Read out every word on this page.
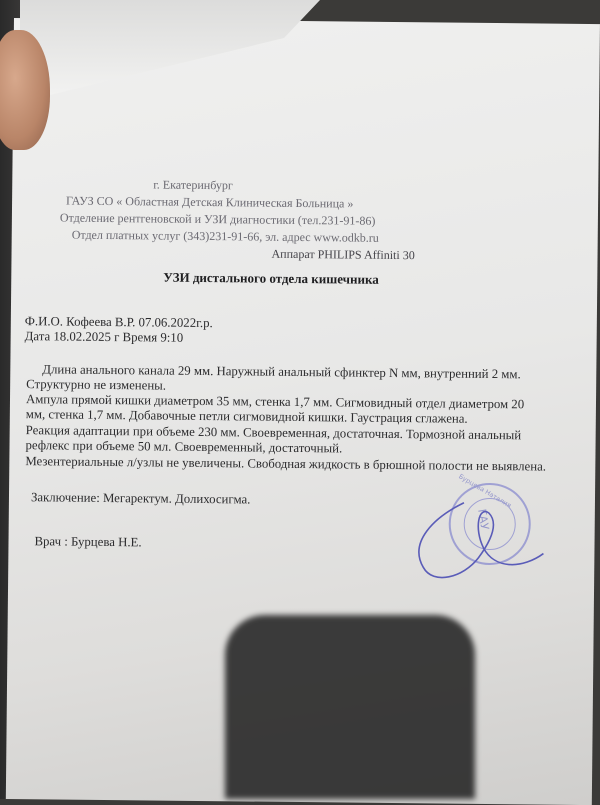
г. Екатеринбург
ГАУЗ СО « Областная Детская Клиническая Больница »
Отделение рентгеновской и УЗИ диагностики (тел.231-91-86)
Отдел платных услуг (343)231-91-66, эл. адрес www.odkb.ru
Аппарат PHILIPS Affiniti 30
УЗИ дистального отдела кишечника
Ф.И.О. Кофеева В.Р. 07.06.2022г.р.
Дата 18.02.2025 г Время 9:10
Длина анального канала 29 мм. Наружный анальный сфинктер N мм, внутренний 2 мм.
Структурно не изменены.
Ампула прямой кишки диаметром 35 мм, стенка 1,7 мм. Сигмовидный отдел диаметром 20
мм, стенка 1,7 мм. Добавочные петли сигмовидной кишки. Гаустрация сглажена.
Реакция адаптации при объеме 230 мм. Своевременная, достаточная. Тормозной анальный
рефлекс при объеме 50 мл. Своевременный, достаточный.
Мезентериальные л/узлы не увеличены. Свободная жидкость в брюшной полости не выявлена.
Заключение: Мегаректум. Долихосигма.
Врач : Бурцева Н.Е.
Бурцева Наталия
ГАУ
